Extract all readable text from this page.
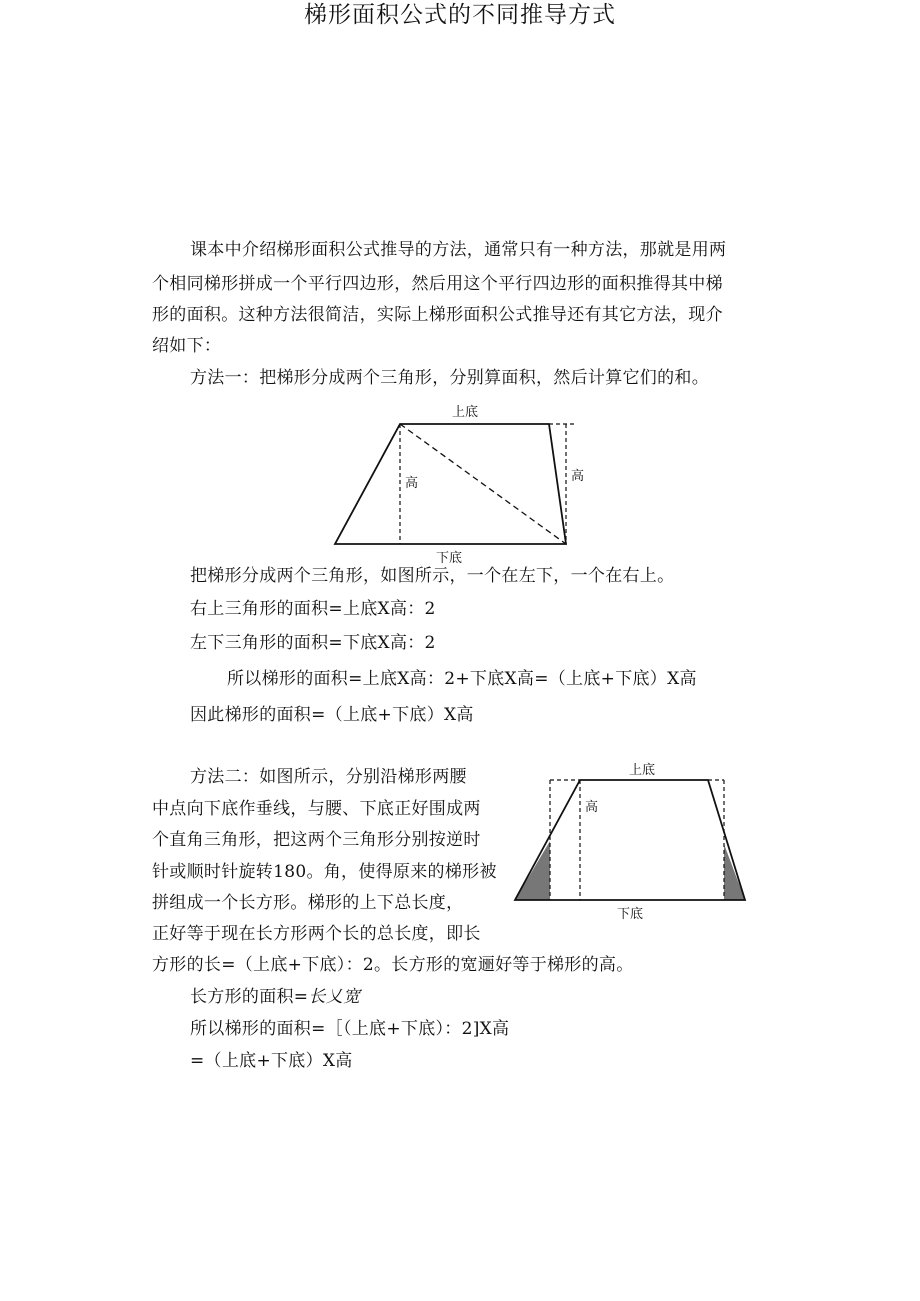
梯形面积公式的不同推导方式
课本中介绍梯形面积公式推导的方法，通常只有一种方法，那就是用两
个相同梯形拼成一个平行四边形，然后用这个平行四边形的面积推得其中梯
形的面积。这种方法很简洁，实际上梯形面积公式推导还有其它方法，现介
绍如下：
方法一：把梯形分成两个三角形，分别算面积，然后计算它们的和。
上底
高	高
下底
把梯形分成两个三角形，如图所示，一个在左下，一个在右上。
右上三角形的面积=上底X高：2
左下三角形的面积=下底X高：2
所以梯形的面积=上底X高：2+下底X高=（上底+下底）X高
因此梯形的面积=（上底+下底）X高
方法二：如图所示，分别沿梯形两腰
中点向下底作垂线，与腰、下底正好围成两
个直角三角形，把这两个三角形分别按逆时
针或顺时针旋转180。角，使得原来的梯形被
拼组成一个长方形。梯形的上下总长度，
正好等于现在长方形两个长的总长度，即长
上底
高
下底
方形的长=（上底+下底）：2。长方形的宽逦好等于梯形的高。
长方形的面积=长乂宽
所以梯形的面积=［（上底+下底）：2]X高
=（上底+下底）X高
